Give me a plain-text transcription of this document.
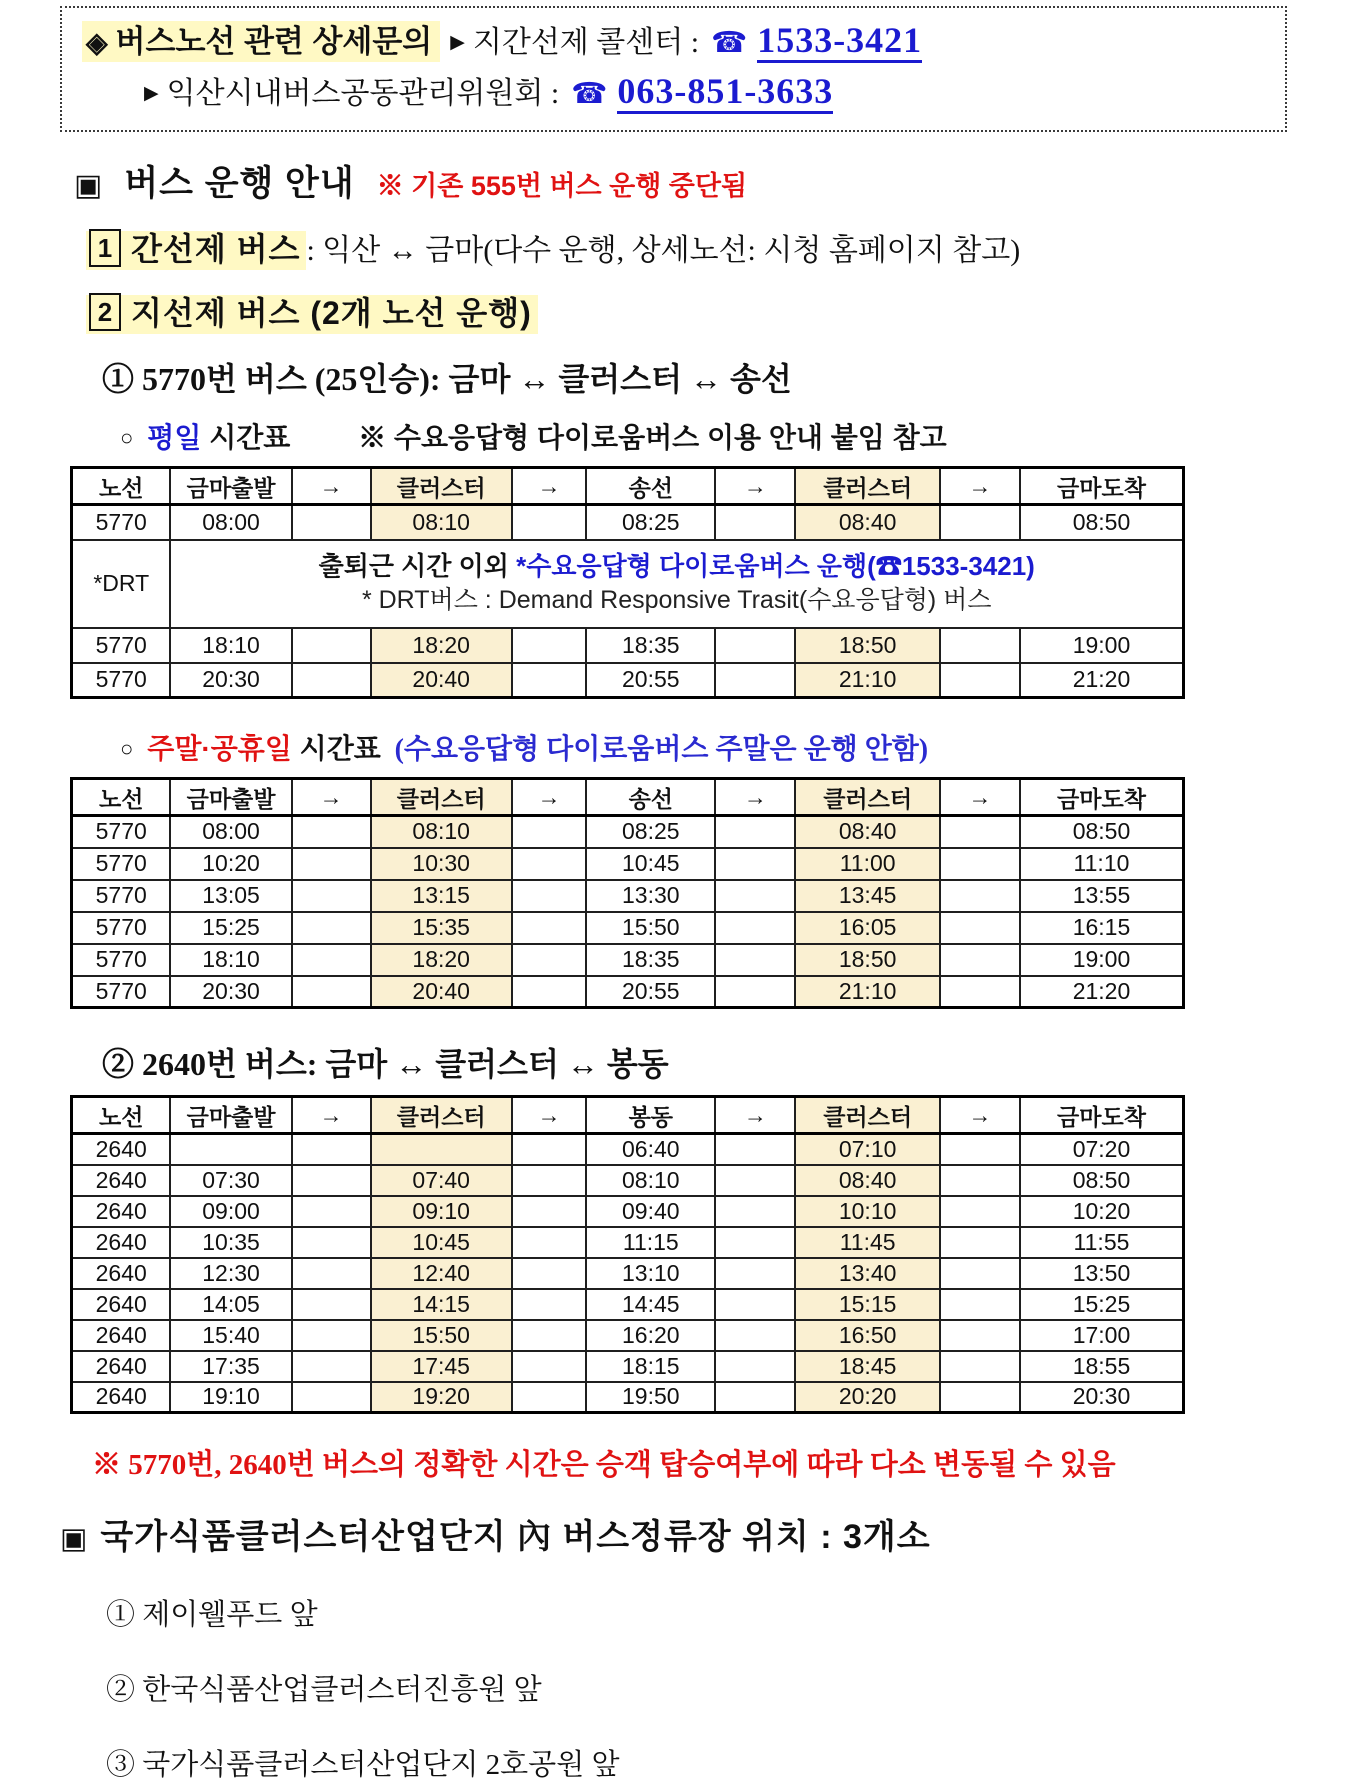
◈ 버스노선 관련 상세문의 ▶ 지간선제 콜센터 : ☎ 1533-3421
▶ 익산시내버스공동관리위원회 : ☎ 063-851-3633
▣ 버스 운행 안내 ※ 기존 555번 버스 운행 중단됨
1 간선제 버스 : 익산 ↔ 금마(다수 운행, 상세노선: 시청 홈페이지 참고)
2 지선제 버스 (2개 노선 운행)
① 5770번 버스 (25인승): 금마 ↔ 클러스터 ↔ 송선
○ 평일 시간표 ※ 수요응답형 다이로움버스 이용 안내 붙임 참고
노선	금마출발	→	클러스터	→	송선	→	클러스터	→	금마도착
5770	08:00		08:10		08:25		08:40		08:50
*DRT	출퇴근 시간 이외 *수요응답형 다이로움버스 운행(☎1533-3421)
* DRT버스 : Demand Responsive Trasit(수요응답형) 버스								

5770	18:10		18:20		18:35		18:50		19:00
5770	20:30		20:40		20:55		21:10		21:20
○ 주말·공휴일 시간표 (수요응답형 다이로움버스 주말은 운행 안함)
노선	금마출발	→	클러스터	→	송선	→	클러스터	→	금마도착
5770	08:00		08:10		08:25		08:40		08:50
5770	10:20		10:30		10:45		11:00		11:10
5770	13:05		13:15		13:30		13:45		13:55
5770	15:25		15:35		15:50		16:05		16:15
5770	18:10		18:20		18:35		18:50		19:00
5770	20:30		20:40		20:55		21:10		21:20
② 2640번 버스: 금마 ↔ 클러스터 ↔ 봉동
노선	금마출발	→	클러스터	→	봉동	→	클러스터	→	금마도착
2640					06:40		07:10		07:20
2640	07:30		07:40		08:10		08:40		08:50
2640	09:00		09:10		09:40		10:10		10:20
2640	10:35		10:45		11:15		11:45		11:55
2640	12:30		12:40		13:10		13:40		13:50
2640	14:05		14:15		14:45		15:15		15:25
2640	15:40		15:50		16:20		16:50		17:00
2640	17:35		17:45		18:15		18:45		18:55
2640	19:10		19:20		19:50		20:20		20:30
※ 5770번, 2640번 버스의 정확한 시간은 승객 탑승여부에 따라 다소 변동될 수 있음
▣ 국가식품클러스터산업단지 內 버스정류장 위치 : 3개소
① 제이웰푸드 앞
② 한국식품산업클러스터진흥원 앞
③ 국가식품클러스터산업단지 2호공원 앞
